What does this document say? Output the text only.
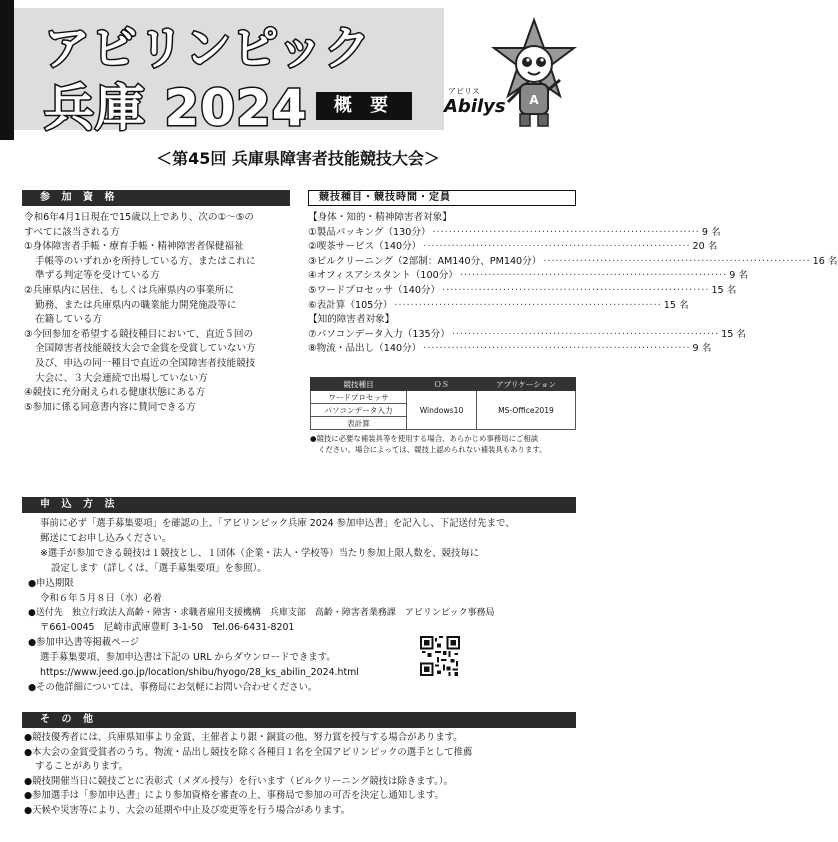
アビリンピック
兵庫 2024	概 要
アビリス
Abilys A
＜第45回 兵庫県障害者技能競技大会＞
参 加 資 格
令和6年4月1日現在で15歳以上であり、次の①～⑤の
すべてに該当される方
①身体障害者手帳・療育手帳・精神障害者保健福祉
手帳等のいずれかを所持している方、またはこれに
準ずる判定等を受けている方
②兵庫県内に居住、もしくは兵庫県内の事業所に
勤務、または兵庫県内の職業能力開発施設等に
在籍している方
③今回参加を希望する競技種目において、直近５回の
全国障害者技能競技大会で金賞を受賞していない方
及び、申込の同一種目で直近の全国障害者技能競技
大会に、３大会連続で出場していない方
④競技に充分耐えられる健康状態にある方
⑤参加に係る同意書内容に賛同できる方
競技種目・競技時間・定員
【身体・知的・精神障害者対象】
①製品パッキング（130分） ·································································· 9 名
②喫茶サービス（140分） ·································································· 20 名
③ビルクリーニング（2部制：AM140分、PM140分） ·································································· 16 名
④オフィスアシスタント（100分） ·································································· 9 名
⑤ワードプロセッサ（140分） ·································································· 15 名
⑥表計算（105分） ·································································· 15 名
【知的障害者対象】
⑦パソコンデータ入力（135分） ·································································· 15 名
⑧物流・品出し（140分） ·································································· 9 名
競技種目	ＯＳ	アプリケーション
ワードプロセッサ	Windows10	MS-Office2019
パソコンデータ入力		
表計算		
●競技に必要な補装具等を使用する場合、あらかじめ事務局にご相談
ください。場合によっては、競技上認められない補装具もあります。
申 込 方 法
事前に必ず「選手募集要項」を確認の上、「アビリンピック兵庫 2024 参加申込書」を記入し、下記送付先まで、
郵送にてお申し込みください。
※選手が参加できる競技は１競技とし、１団体（企業・法人・学校等）当たり参加上限人数を、競技毎に
設定します（詳しくは、「選手募集要項」を参照）。
●申込期限
令和６年５月８日（水）必着
●送付先　独立行政法人高齢・障害・求職者雇用支援機構　兵庫支部　高齢・障害者業務課　アビリンピック事務局
〒661-0045　尼崎市武庫豊町 3-1-50　Tel.06-6431-8201
●参加申込書等掲載ページ
選手募集要項、参加申込書は下記の URL からダウンロードできます。
https://www.jeed.go.jp/location/shibu/hyogo/28_ks_abilin_2024.html
●その他詳細については、事務局にお気軽にお問い合わせください。
そ の 他
●競技優秀者には、兵庫県知事より金賞、主催者より銀・銅賞の他、努力賞を授与する場合があります。
●本大会の金賞受賞者のうち、物流・品出し競技を除く各種目１名を全国アビリンピックの選手として推薦
することがあります。
●競技開催当日に競技ごとに表彰式（メダル授与）を行います（ビルクリーニング競技は除きます。）。
●参加選手は「参加申込書」により参加資格を審査の上、事務局で参加の可否を決定し通知します。
●天候や災害等により、大会の延期や中止及び変更等を行う場合があります。
